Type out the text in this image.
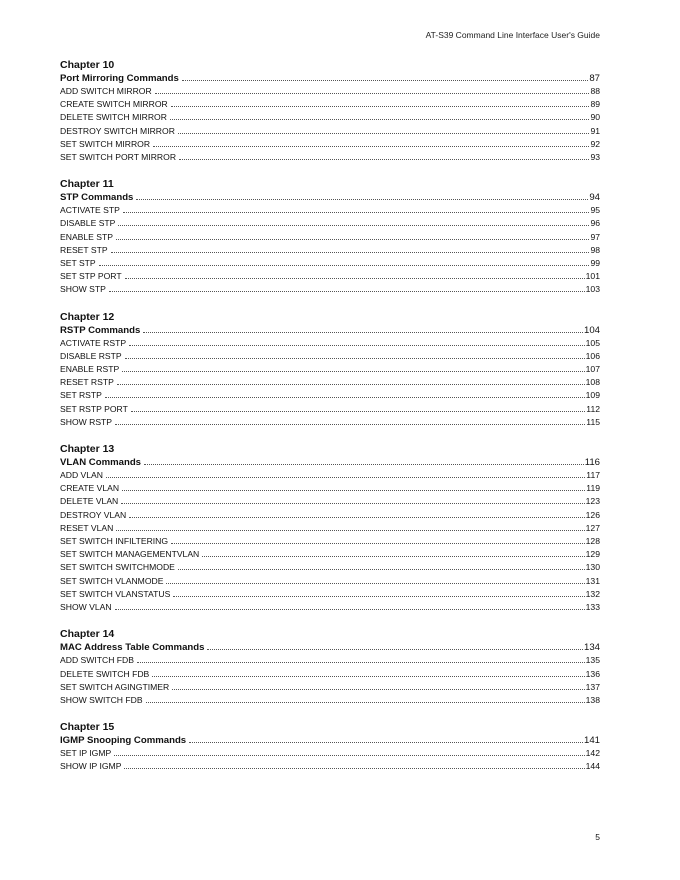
AT-S39 Command Line Interface User's Guide
Chapter 10
Port Mirroring Commands	87
ADD SWITCH MIRROR	88
CREATE SWITCH MIRROR	89
DELETE SWITCH MIRROR	90
DESTROY SWITCH MIRROR	91
SET SWITCH MIRROR	92
SET SWITCH PORT MIRROR	93
Chapter 11
STP Commands	94
ACTIVATE STP	95
DISABLE STP	96
ENABLE STP	97
RESET STP	98
SET STP	99
SET STP PORT	101
SHOW STP	103
Chapter 12
RSTP Commands	104
ACTIVATE RSTP	105
DISABLE RSTP	106
ENABLE RSTP	107
RESET RSTP	108
SET RSTP	109
SET RSTP PORT	112
SHOW RSTP	115
Chapter 13
VLAN Commands	116
ADD VLAN	117
CREATE VLAN	119
DELETE VLAN	123
DESTROY VLAN	126
RESET VLAN	127
SET SWITCH INFILTERING	128
SET SWITCH MANAGEMENTVLAN	129
SET SWITCH SWITCHMODE	130
SET SWITCH VLANMODE	131
SET SWITCH VLANSTATUS	132
SHOW VLAN	133
Chapter 14
MAC Address Table Commands	134
ADD SWITCH FDB	135
DELETE SWITCH FDB	136
SET SWITCH AGINGTIMER	137
SHOW SWITCH FDB	138
Chapter 15
IGMP Snooping Commands	141
SET IP IGMP	142
SHOW IP IGMP	144
5
